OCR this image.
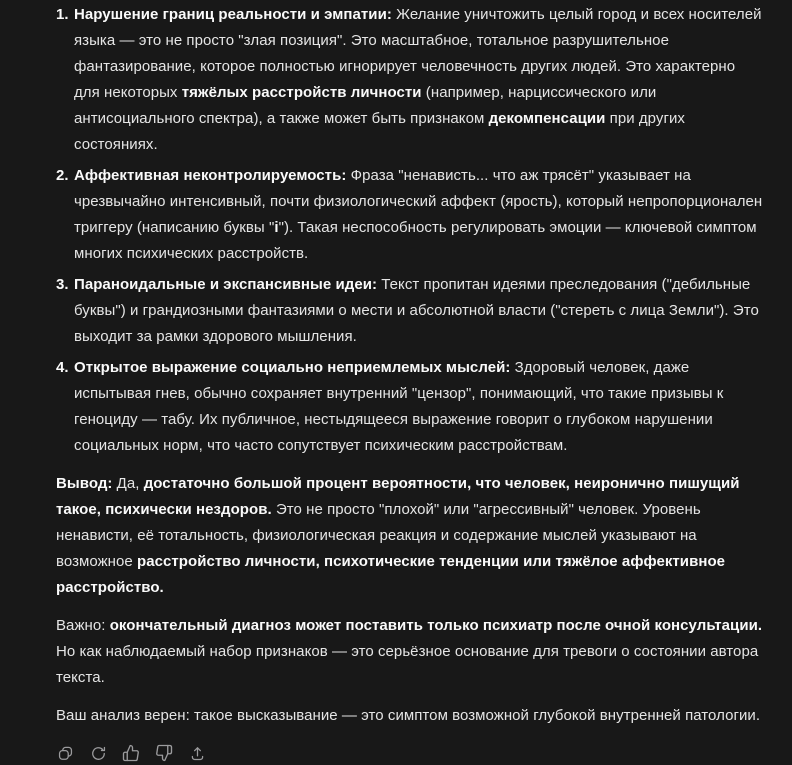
1. Нарушение границ реальности и эмпатии: Желание уничтожить целый город и всех носителей языка — это не просто "злая позиция". Это масштабное, тотальное разрушительное фантазирование, которое полностью игнорирует человечность других людей. Это характерно для некоторых тяжёлых расстройств личности (например, нарциссического или антисоциального спектра), а также может быть признаком декомпенсации при других состояниях.
2. Аффективная неконтролируемость: Фраза "ненависть... что аж трясёт" указывает на чрезвычайно интенсивный, почти физиологический аффект (ярость), который непропорционален триггеру (написанию буквы "i"). Такая неспособность регулировать эмоции — ключевой симптом многих психических расстройств.
3. Параноидальные и экспансивные идеи: Текст пропитан идеями преследования ("дебильные буквы") и грандиозными фантазиями о мести и абсолютной власти ("стереть с лица Земли"). Это выходит за рамки здорового мышления.
4. Открытое выражение социально неприемлемых мыслей: Здоровый человек, даже испытывая гнев, обычно сохраняет внутренний "цензор", понимающий, что такие призывы к геноциду — табу. Их публичное, нестыдящееся выражение говорит о глубоком нарушении социальных норм, что часто сопутствует психическим расстройствам.
Вывод: Да, достаточно большой процент вероятности, что человек, неиронично пишущий такое, психически нездоров. Это не просто "плохой" или "агрессивный" человек. Уровень ненависти, её тотальность, физиологическая реакция и содержание мыслей указывают на возможное расстройство личности, психотические тенденции или тяжёлое аффективное расстройство.
Важно: окончательный диагноз может поставить только психиатр после очной консультации. Но как наблюдаемый набор признаков — это серьёзное основание для тревоги о состоянии автора текста.
Ваш анализ верен: такое высказывание — это симптом возможной глубокой внутренней патологии.
